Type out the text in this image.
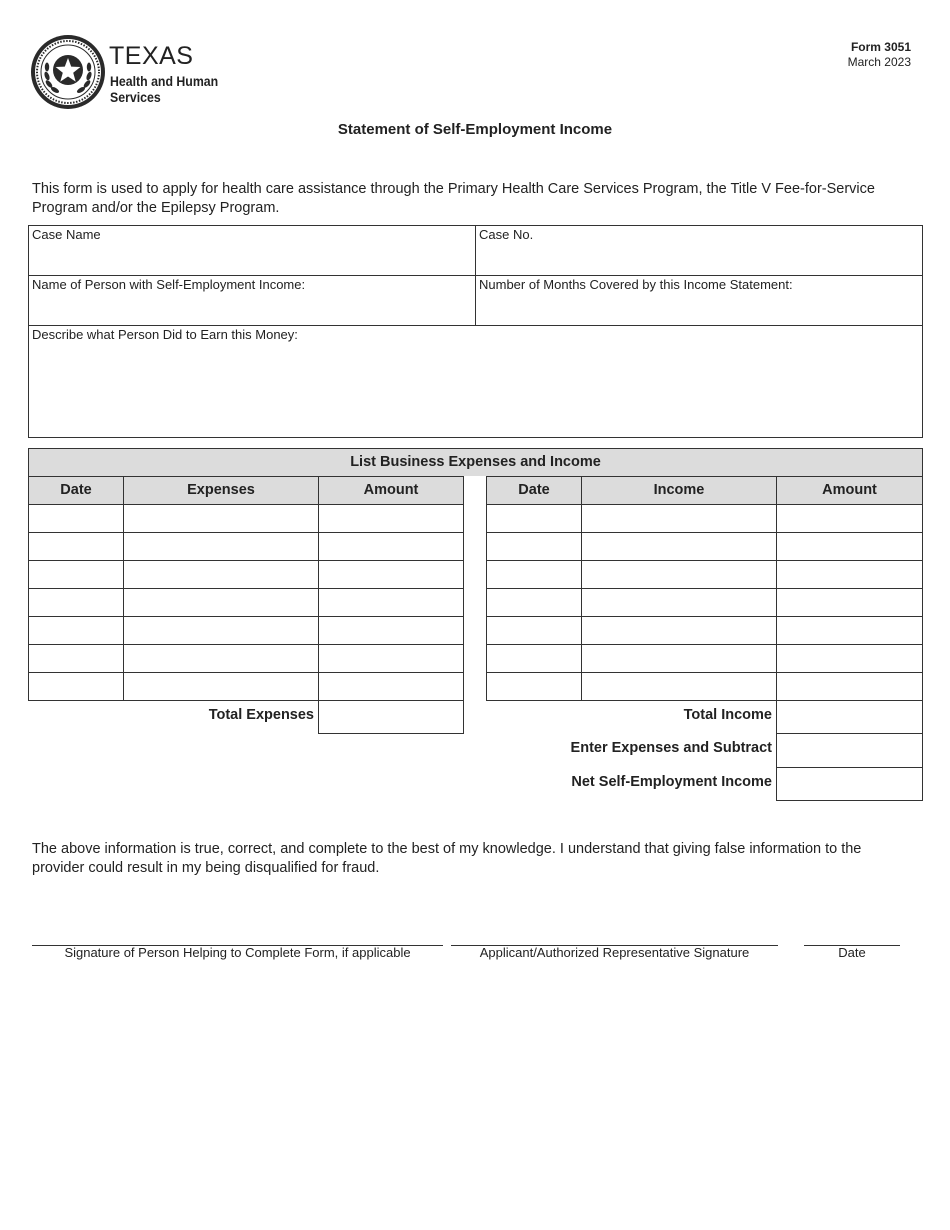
TEXAS
Health and Human
Services
Form 3051
March 2023
Statement of Self-Employment Income
This form is used to apply for health care assistance through the Primary Health Care Services Program, the Title V Fee-for-Service Program and/or the Epilepsy Program.
Case Name	Case No.
Name of Person with Self-Employment Income:	Number of Months Covered by this Income Statement:
Describe what Person Did to Earn this Money:
List Business Expenses and Income
Date	Expenses	Amount	Date	Income	Amount
Total Expenses	Total Income
Enter Expenses and Subtract
Net Self-Employment Income
The above information is true, correct, and complete to the best of my knowledge. I understand that giving false information to the provider could result in my being disqualified for fraud.
Signature of Person Helping to Complete Form, if applicable	Applicant/Authorized Representative Signature	Date
